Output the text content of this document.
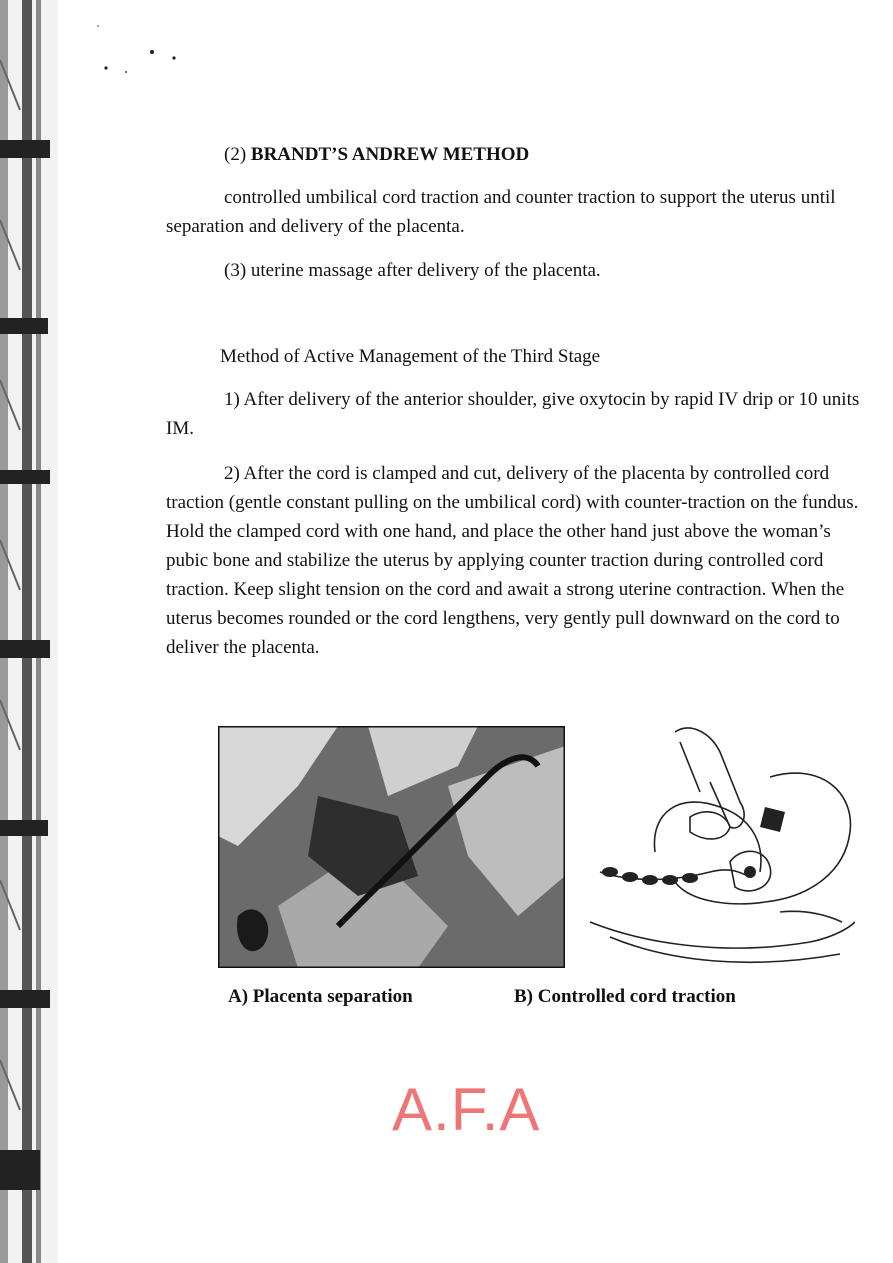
(2) BRANDT’S ANDREW METHOD

controlled umbilical cord traction and counter traction to support the uterus until separation and delivery of the placenta.

(3) uterine massage after delivery of the placenta.

Method of Active Management of the Third Stage

1) After delivery of the anterior shoulder, give oxytocin by rapid IV drip or 10 units IM.

2) After the cord is clamped and cut, delivery of the placenta by controlled cord traction (gentle constant pulling on the umbilical cord) with counter-traction on the fundus. Hold the clamped cord with one hand, and place the other hand just above the woman’s pubic bone and stabilize the uterus by applying counter traction during controlled cord traction. Keep slight tension on the cord and await a strong uterine contraction. When the uterus becomes rounded or the cord lengthens, very gently pull downward on the cord to deliver the placenta.

A) Placenta separation	B) Controlled cord traction
A.F.A
